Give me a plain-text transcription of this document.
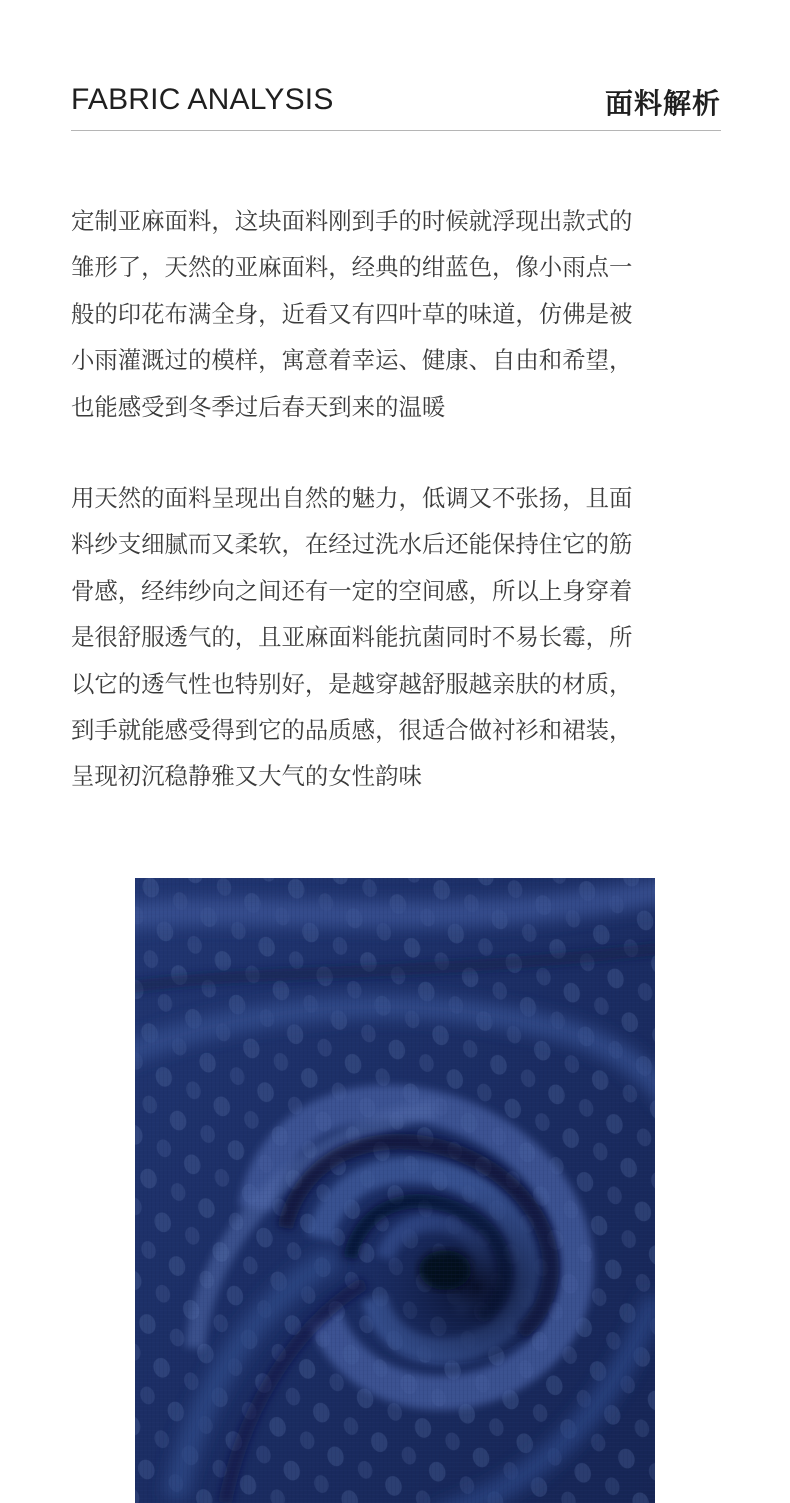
FABRIC ANALYSIS	面料解析
定制亚麻面料，这块面料刚到手的时候就浮现出款式的
雏形了，天然的亚麻面料，经典的绀蓝色，像小雨点一
般的印花布满全身，近看又有四叶草的味道，仿佛是被
小雨灌溉过的模样，寓意着幸运、健康、自由和希望，
也能感受到冬季过后春天到来的温暖
用天然的面料呈现出自然的魅力，低调又不张扬，且面
料纱支细腻而又柔软，在经过洗水后还能保持住它的筋
骨感，经纬纱向之间还有一定的空间感，所以上身穿着
是很舒服透气的，且亚麻面料能抗菌同时不易长霉，所
以它的透气性也特别好，是越穿越舒服越亲肤的材质，
到手就能感受得到它的品质感，很适合做衬衫和裙装，
呈现初沉稳静雅又大气的女性韵味
